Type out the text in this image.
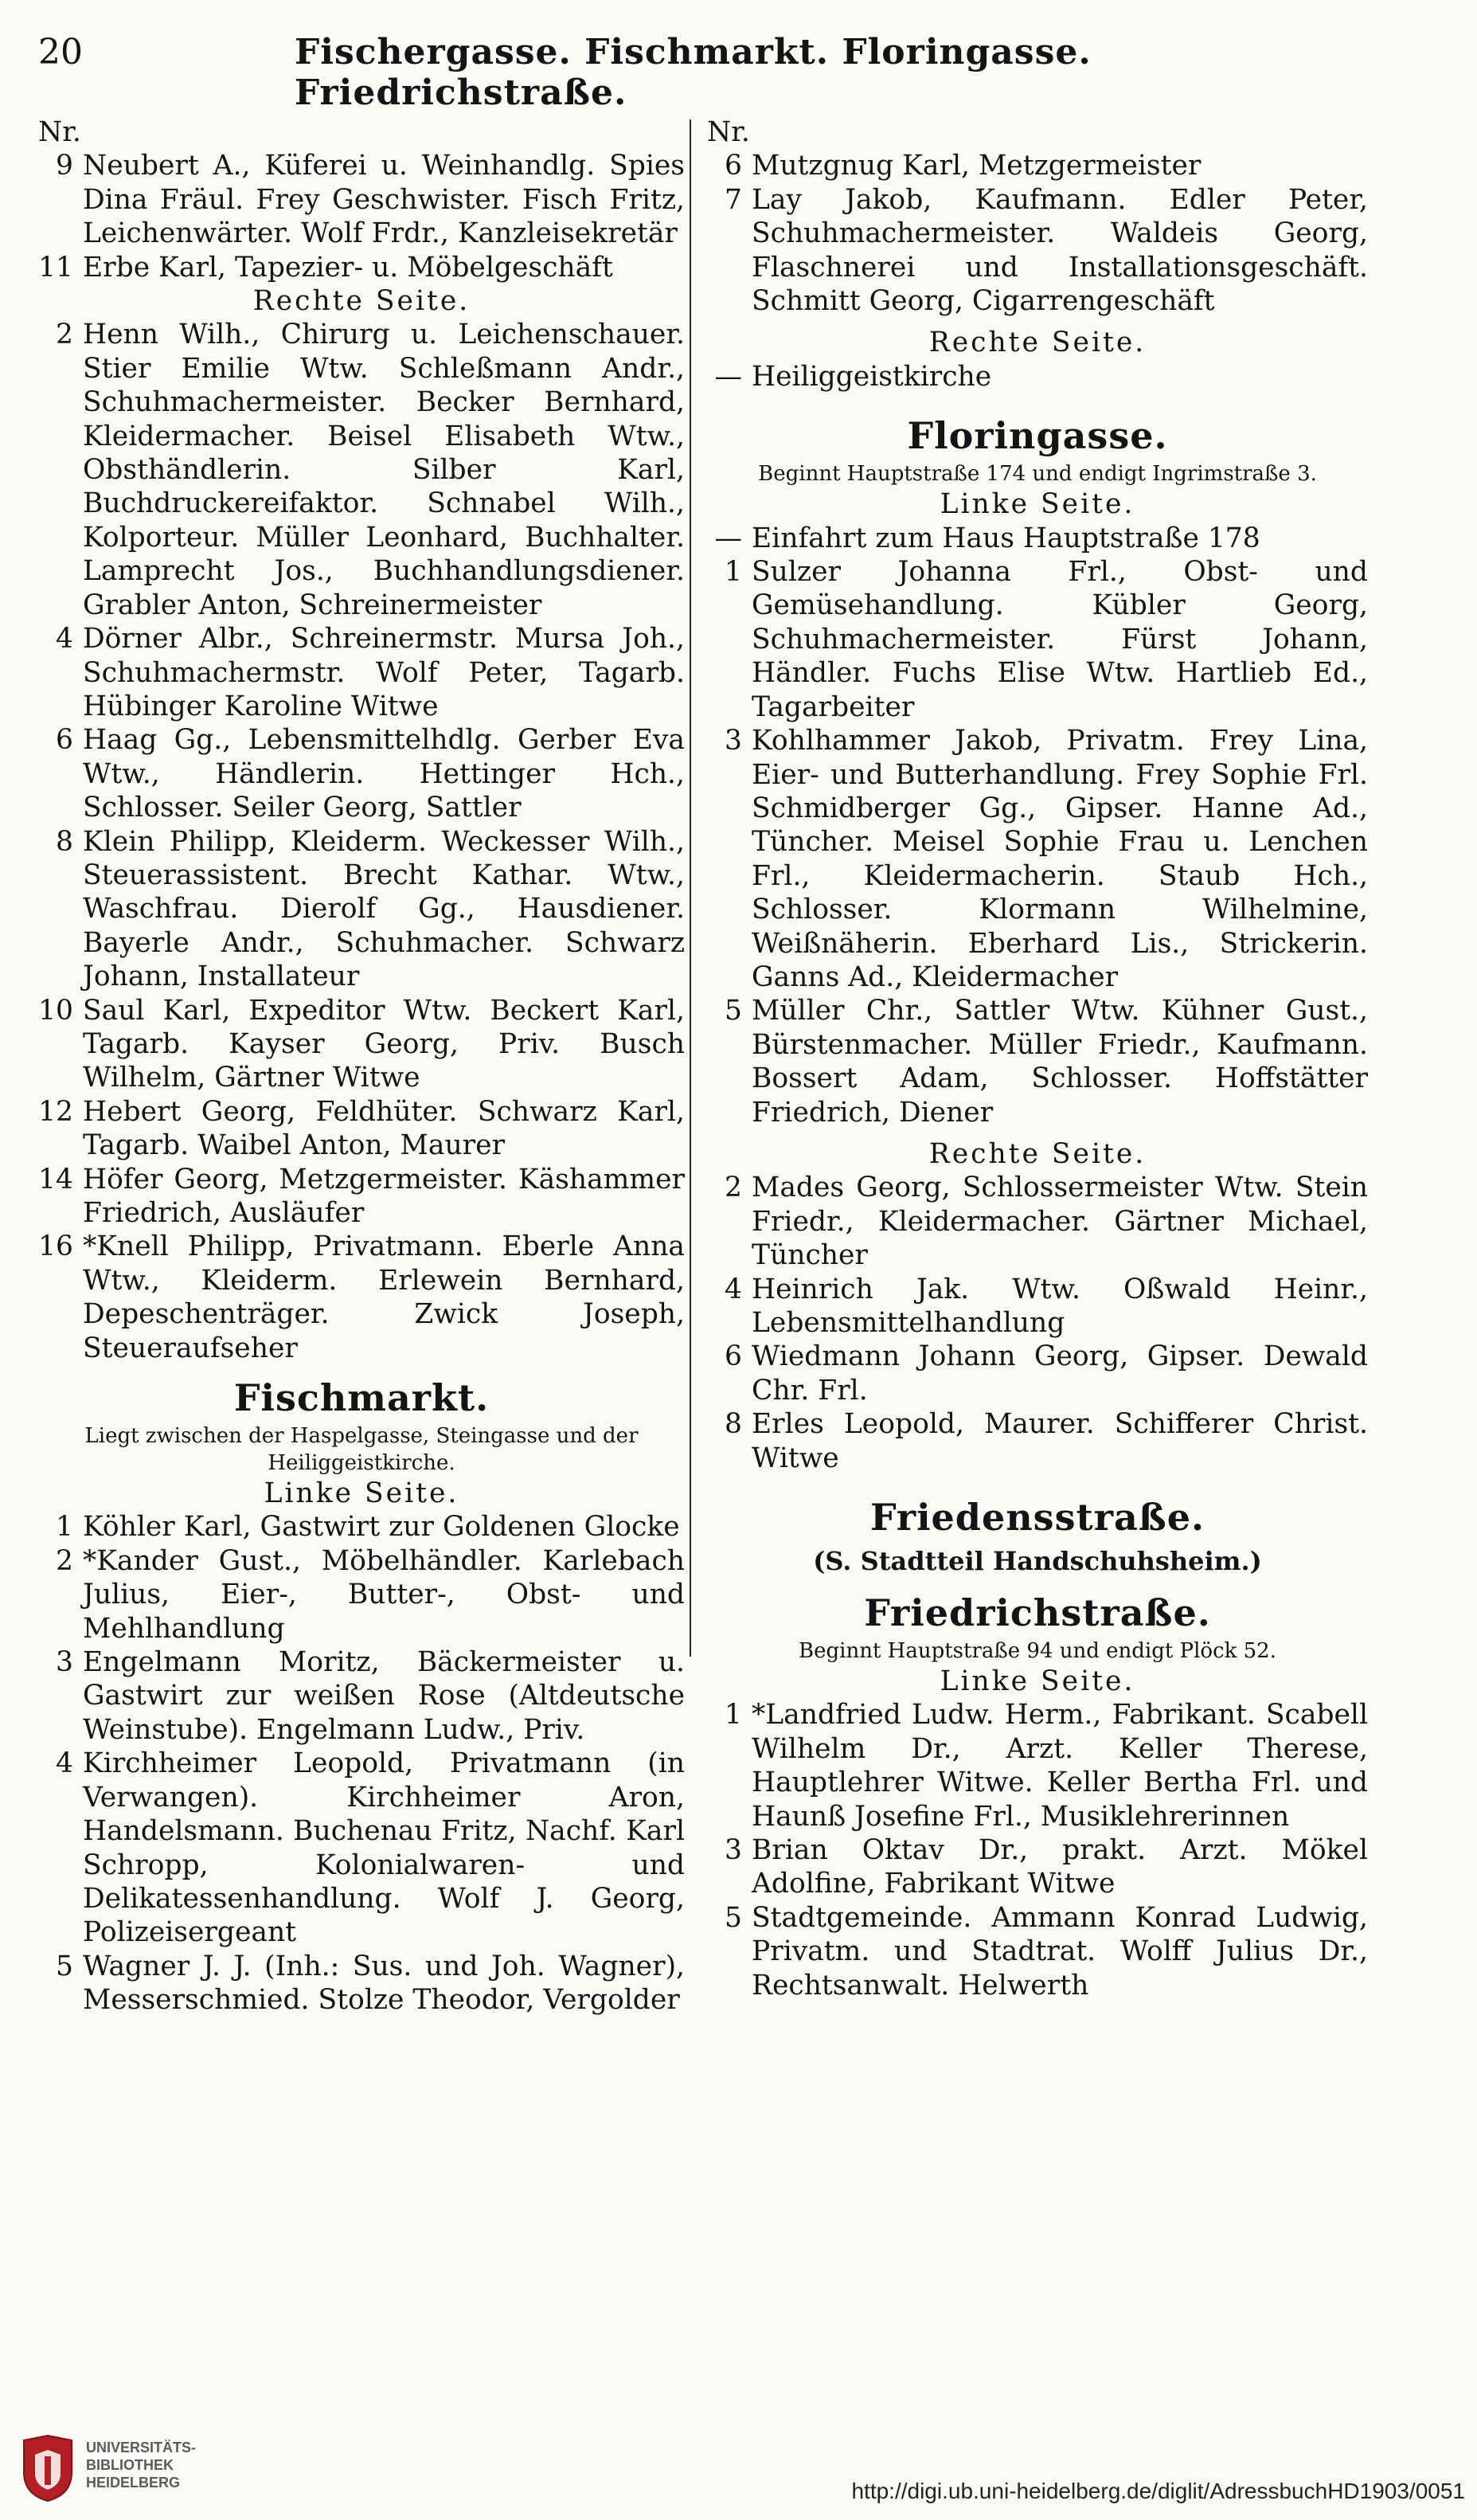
20	Fischergasse. Fischmarkt. Floringasse. Friedrichstraße.
Nr.
9 Neubert A., Küferei u. Weinhandlg. Spies Dina Fräul. Frey Geschwister. Fisch Fritz, Leichenwärter. Wolf Frdr., Kanzleisekretär
11 Erbe Karl, Tapezier- u. Möbelgeschäft
Rechte Seite.
2 Henn Wilh., Chirurg u. Leichenschauer. Stier Emilie Wtw. Schleßmann Andr., Schuhmachermeister. Becker Bernhard, Kleidermacher. Beisel Elisabeth Wtw., Obsthändlerin. Silber Karl, Buchdruckereifaktor. Schnabel Wilh., Kolporteur. Müller Leonhard, Buchhalter. Lamprecht Jos., Buchhandlungsdiener. Grabler Anton, Schreinermeister
4 Dörner Albr., Schreinermstr. Mursa Joh., Schuhmachermstr. Wolf Peter, Tagarb. Hübinger Karoline Witwe
6 Haag Gg., Lebensmittelhdlg. Gerber Eva Wtw., Händlerin. Hettinger Hch., Schlosser. Seiler Georg, Sattler
8 Klein Philipp, Kleiderm. Weckesser Wilh., Steuerassistent. Brecht Kathar. Wtw., Waschfrau. Dierolf Gg., Hausdiener. Bayerle Andr., Schuhmacher. Schwarz Johann, Installateur
10 Saul Karl, Expeditor Wtw. Beckert Karl, Tagarb. Kayser Georg, Priv. Busch Wilhelm, Gärtner Witwe
12 Hebert Georg, Feldhüter. Schwarz Karl, Tagarb. Waibel Anton, Maurer
14 Höfer Georg, Metzgermeister. Käshammer Friedrich, Ausläufer
16 *Knell Philipp, Privatmann. Eberle Anna Wtw., Kleiderm. Erlewein Bernhard, Depeschenträger. Zwick Joseph, Steueraufseher
Fischmarkt.
Liegt zwischen der Haspelgasse, Steingasse und der Heiliggeistkirche.
Linke Seite.
1 Köhler Karl, Gastwirt zur Goldenen Glocke
2 *Kander Gust., Möbelhändler. Karlebach Julius, Eier-, Butter-, Obst- und Mehlhandlung
3 Engelmann Moritz, Bäckermeister u. Gastwirt zur weißen Rose (Altdeutsche Weinstube). Engelmann Ludw., Priv.
4 Kirchheimer Leopold, Privatmann (in Verwangen). Kirchheimer Aron, Handelsmann. Buchenau Fritz, Nachf. Karl Schropp, Kolonialwaren- und Delikatessenhandlung. Wolf J. Georg, Polizeisergeant
5 Wagner J. J. (Inh.: Sus. und Joh. Wagner), Messerschmied. Stolze Theodor, Vergolder
Nr.
6 Mutzgnug Karl, Metzgermeister
7 Lay Jakob, Kaufmann. Edler Peter, Schuhmachermeister. Waldeis Georg, Flaschnerei und Installationsgeschäft. Schmitt Georg, Cigarrengeschäft
Rechte Seite.
— Heiliggeistkirche
Floringasse.
Beginnt Hauptstraße 174 und endigt Ingrimstraße 3.
Linke Seite.
— Einfahrt zum Haus Hauptstraße 178
1 Sulzer Johanna Frl., Obst- und Gemüsehandlung. Kübler Georg, Schuhmachermeister. Fürst Johann, Händler. Fuchs Elise Wtw. Hartlieb Ed., Tagarbeiter
3 Kohlhammer Jakob, Privatm. Frey Lina, Eier- und Butterhandlung. Frey Sophie Frl. Schmidberger Gg., Gipser. Hanne Ad., Tüncher. Meisel Sophie Frau u. Lenchen Frl., Kleidermacherin. Staub Hch., Schlosser. Klormann Wilhelmine, Weißnäherin. Eberhard Lis., Strickerin. Ganns Ad., Kleidermacher
5 Müller Chr., Sattler Wtw. Kühner Gust., Bürstenmacher. Müller Friedr., Kaufmann. Bossert Adam, Schlosser. Hoffstätter Friedrich, Diener
Rechte Seite.
2 Mades Georg, Schlossermeister Wtw. Stein Friedr., Kleidermacher. Gärtner Michael, Tüncher
4 Heinrich Jak. Wtw. Oßwald Heinr., Lebensmittelhandlung
6 Wiedmann Johann Georg, Gipser. Dewald Chr. Frl.
8 Erles Leopold, Maurer. Schifferer Christ. Witwe
Friedensstraße.
(S. Stadtteil Handschuhsheim.)
Friedrichstraße.
Beginnt Hauptstraße 94 und endigt Plöck 52.
Linke Seite.
1 *Landfried Ludw. Herm., Fabrikant. Scabell Wilhelm Dr., Arzt. Keller Therese, Hauptlehrer Witwe. Keller Bertha Frl. und Haunß Josefine Frl., Musiklehrerinnen
3 Brian Oktav Dr., prakt. Arzt. Mökel Adolfine, Fabrikant Witwe
5 Stadtgemeinde. Ammann Konrad Ludwig, Privatm. und Stadtrat. Wolff Julius Dr., Rechtsanwalt. Helwerth
UNIVERSITÄTS-
BIBLIOTHEK
HEIDELBERG	http://digi.ub.uni-heidelberg.de/diglit/AdressbuchHD1903/0051
